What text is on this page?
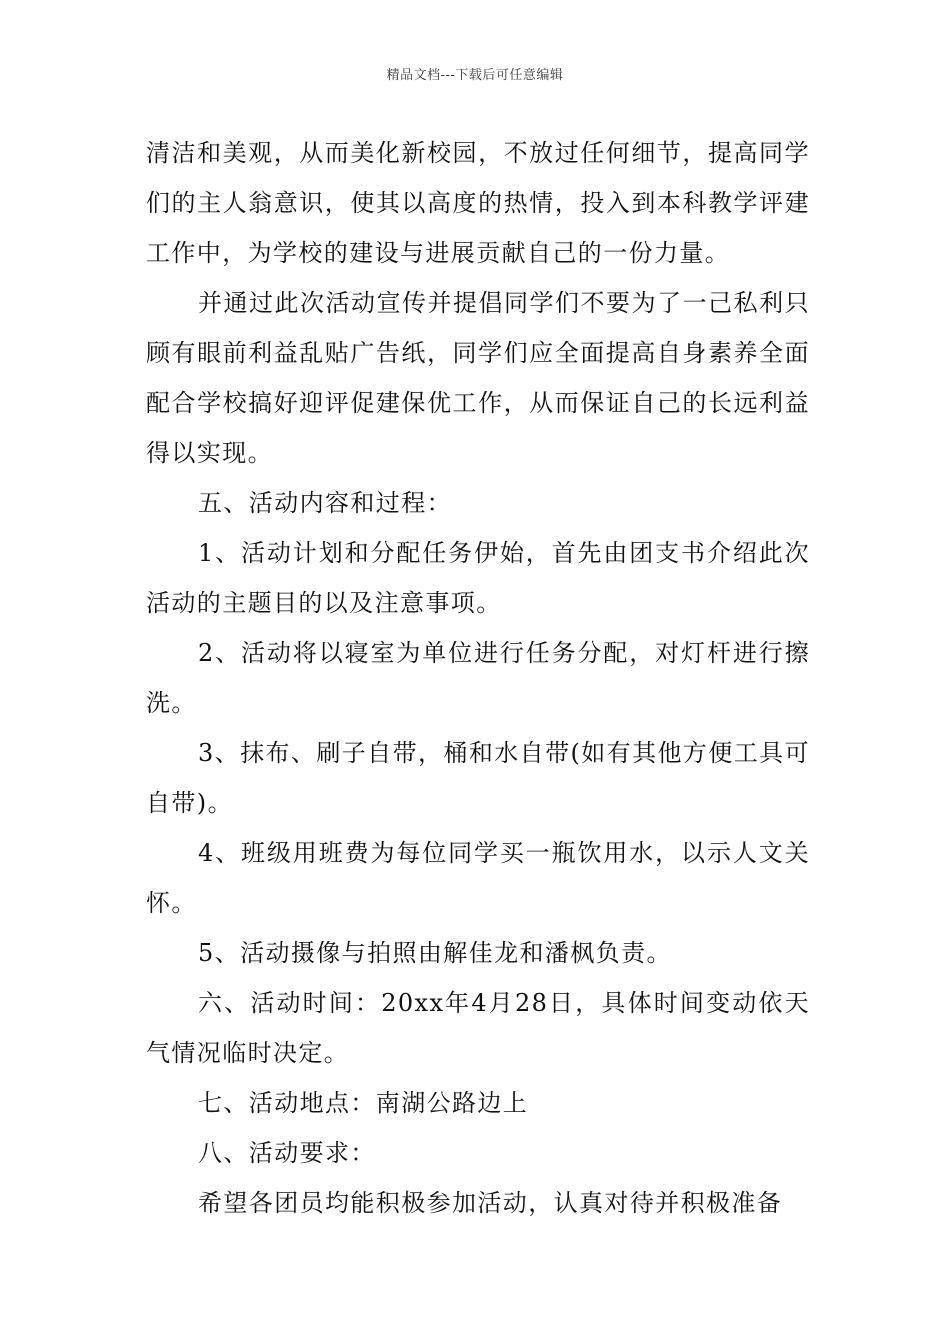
精品文档---下载后可任意编辑

清洁和美观，从而美化新校园，不放过任何细节，提高同学们的主人翁意识，使其以高度的热情，投入到本科教学评建工作中，为学校的建设与进展贡献自己的一份力量。

并通过此次活动宣传并提倡同学们不要为了一己私利只顾有眼前利益乱贴广告纸，同学们应全面提高自身素养全面配合学校搞好迎评促建保优工作，从而保证自己的长远利益得以实现。

五、活动内容和过程：

1、活动计划和分配任务伊始，首先由团支书介绍此次活动的主题目的以及注意事项。

2、活动将以寝室为单位进行任务分配，对灯杆进行擦洗。

3、抹布、刷子自带，桶和水自带(如有其他方便工具可自带)。

4、班级用班费为每位同学买一瓶饮用水，以示人文关怀。

5、活动摄像与拍照由解佳龙和潘枫负责。

六、活动时间：20xx年4月28日，具体时间变动依天气情况临时决定。

七、活动地点：南湖公路边上

八、活动要求：

希望各团员均能积极参加活动，认真对待并积极准备
